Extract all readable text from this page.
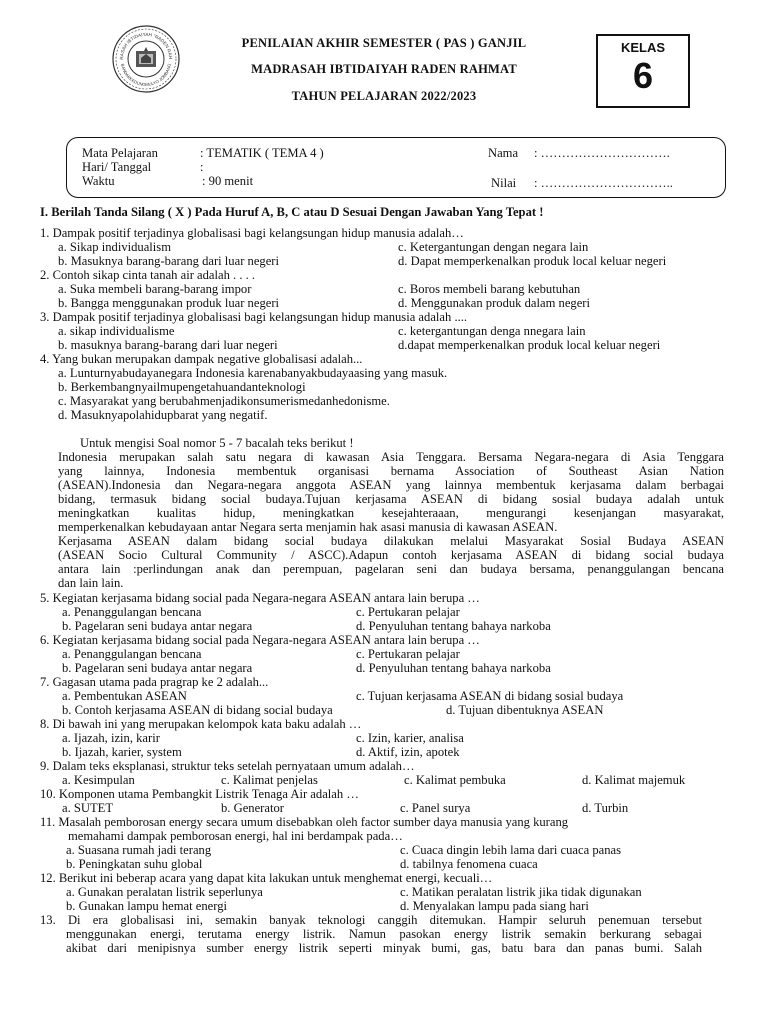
RASAH IBTIDAIYAH "RADEN RAH
BANDARKEDUNGMULYO JOMBANG
PENILAIAN AKHIR SEMESTER ( PAS ) GANJIL
MADRASAH IBTIDAIYAH RADEN RAHMAT
TAHUN PELAJARAN 2022/2023
KELAS
6
Mata Pelajaran	: TEMATIK ( TEMA 4 )
Hari/ Tanggal	:
Waktu	: 90 menit
Nama : ………………………….
Nilai : …………………………..
I. Berilah Tanda Silang ( X ) Pada Huruf A, B, C atau D Sesuai Dengan Jawaban Yang Tepat !
1. Dampak positif terjadinya globalisasi bagi kelangsungan hidup manusia adalah…
a. Sikap individualism	c. Ketergantungan dengan negara lain
b. Masuknya barang-barang dari luar negeri	d. Dapat memperkenalkan produk local keluar negeri
2. Contoh sikap cinta tanah air adalah . . . .
a. Suka membeli barang-barang impor	c. Boros membeli barang kebutuhan
b. Bangga menggunakan produk luar negeri	d. Menggunakan produk dalam negeri
3. Dampak positif terjadinya globalisasi bagi kelangsungan hidup manusia adalah ....
a. sikap individualisme	c. ketergantungan denga nnegara lain
b. masuknya barang-barang dari luar negeri	d.dapat memperkenalkan produk local keluar negeri
4. Yang bukan merupakan dampak negative globalisasi adalah...
a. Lunturnyabudayanegara Indonesia karenabanyakbudayaasing yang masuk.
b. Berkembangnyailmupengetahuandanteknologi
c. Masyarakat yang berubahmenjadikonsumerismedanhedonisme.
d. Masuknyapolahidupbarat yang negatif.
Untuk mengisi Soal nomor 5 - 7 bacalah teks berikut !
Indonesia merupakan salah satu negara di kawasan Asia Tenggara. Bersama Negara-negara di Asia Tenggara
yang lainnya, Indonesia membentuk organisasi bernama Association of Southeast Asian Nation
(ASEAN).Indonesia dan Negara-negara anggota ASEAN yang lainnya membentuk kerjasama dalam berbagai
bidang, termasuk bidang social budaya.Tujuan kerjasama ASEAN di bidang sosial budaya adalah untuk
meningkatkan kualitas hidup, meningkatkan kesejahteraaan, mengurangi kesenjangan masyarakat,
memperkenalkan kebudayaan antar Negara serta menjamin hak asasi manusia di kawasan ASEAN.
Kerjasama ASEAN dalam bidang social budaya dilakukan melalui Masyarakat Sosial Budaya ASEAN
(ASEAN Socio Cultural Community / ASCC).Adapun contoh kerjasama ASEAN di bidang social budaya
antara lain :perlindungan anak dan perempuan, pagelaran seni dan budaya bersama, penanggulangan bencana
dan lain lain.
5. Kegiatan kerjasama bidang social pada Negara-negara ASEAN antara lain berupa …
a. Penanggulangan bencana	c. Pertukaran pelajar
b. Pagelaran seni budaya antar negara	d. Penyuluhan tentang bahaya narkoba
6. Kegiatan kerjasama bidang social pada Negara-negara ASEAN antara lain berupa …
a. Penanggulangan bencana	c. Pertukaran pelajar
b. Pagelaran seni budaya antar negara	d. Penyuluhan tentang bahaya narkoba
7. Gagasan utama pada pragrap ke 2 adalah...
a. Pembentukan ASEAN	c. Tujuan kerjasama ASEAN di bidang sosial budaya
b. Contoh kerjasama ASEAN di bidang social budaya	d. Tujuan dibentuknya ASEAN
8. Di bawah ini yang merupakan kelompok kata baku adalah …
a. Ijazah, izin, karir	c. Izin, karier, analisa
b. Ijazah, karier, system	d. Aktif, izin, apotek
9. Dalam teks eksplanasi, struktur teks setelah pernyataan umum adalah…
a. Kesimpulan	c. Kalimat penjelas	c. Kalimat pembuka	d. Kalimat majemuk
10. Komponen utama Pembangkit Listrik Tenaga Air adalah …
a. SUTET	b. Generator	c. Panel surya	d. Turbin
11. Masalah pemborosan energy secara umum disebabkan oleh factor sumber daya manusia yang kurang
memahami dampak pemborosan energi, hal ini berdampak pada…
a. Suasana rumah jadi terang	c. Cuaca dingin lebih lama dari cuaca panas
b. Peningkatan suhu global	d. tabilnya fenomena cuaca
12. Berikut ini beberap acara yang dapat kita lakukan untuk menghemat energi, kecuali…
a. Gunakan peralatan listrik seperlunya	c. Matikan peralatan listrik jika tidak digunakan
b. Gunakan lampu hemat energi	d. Menyalakan lampu pada siang hari
13. Di era globalisasi ini, semakin banyak teknologi canggih ditemukan. Hampir seluruh penemuan tersebut
menggunakan energi, terutama energy listrik. Namun pasokan energy listrik semakin berkurang sebagai
akibat dari menipisnya sumber energy listrik seperti minyak bumi, gas, batu bara dan panas bumi. Salah
